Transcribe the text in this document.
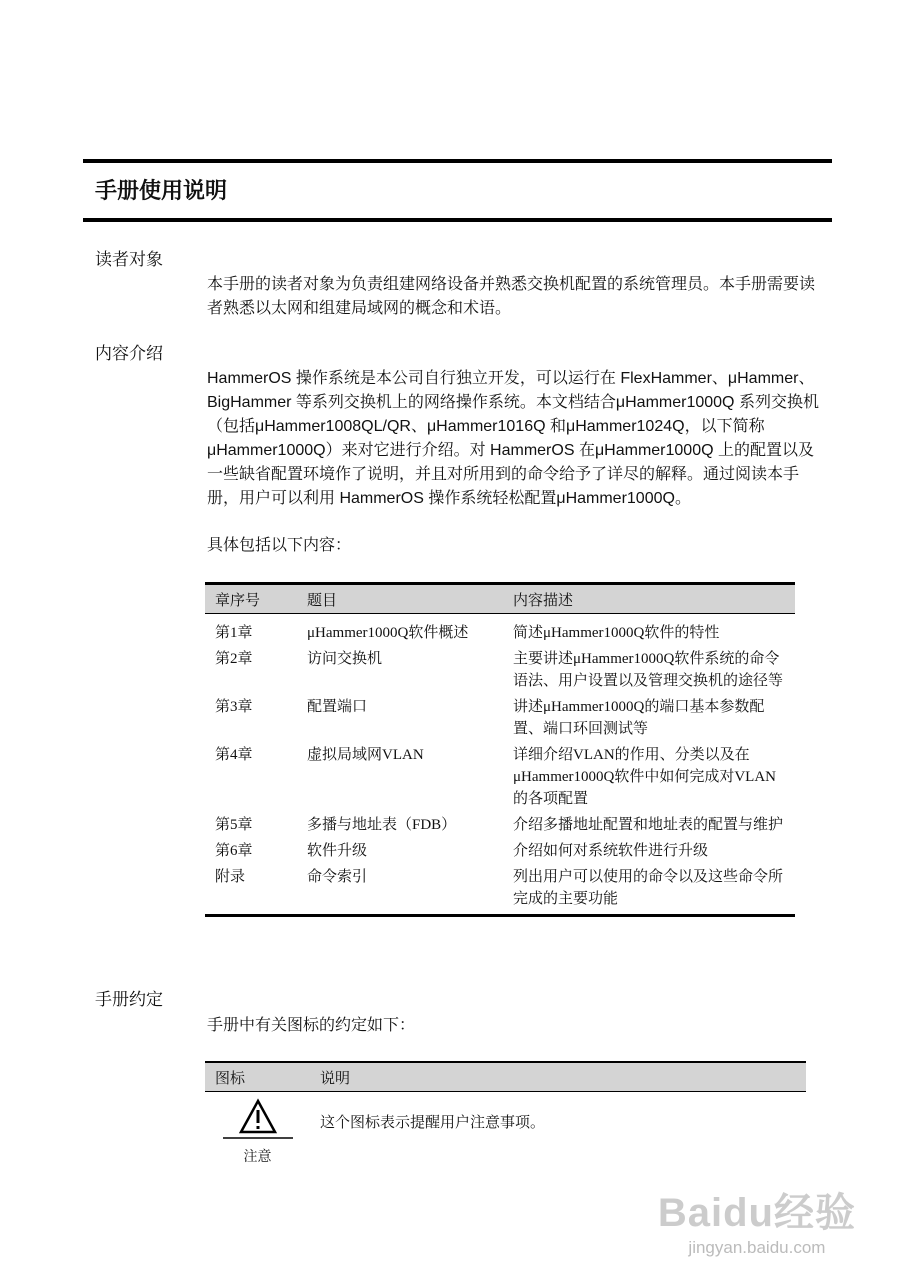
手册使用说明
读者对象
本手册的读者对象为负责组建网络设备并熟悉交换机配置的系统管理员。本手册需要读者熟悉以太网和组建局域网的概念和术语。
内容介绍
HammerOS 操作系统是本公司自行独立开发，可以运行在 FlexHammer、μHammer、BigHammer 等系列交换机上的网络操作系统。本文档结合μHammer1000Q 系列交换机（包括μHammer1008QL/QR、μHammer1016Q 和μHammer1024Q，以下简称μHammer1000Q）来对它进行介绍。对 HammerOS 在μHammer1000Q 上的配置以及一些缺省配置环境作了说明，并且对所用到的命令给予了详尽的解释。通过阅读本手册，用户可以利用 HammerOS 操作系统轻松配置μHammer1000Q。
具体包括以下内容：
章序号	题目	内容描述
第1章	μHammer1000Q软件概述	简述μHammer1000Q软件的特性
第2章	访问交换机	主要讲述μHammer1000Q软件系统的命令语法、用户设置以及管理交换机的途径等
第3章	配置端口	讲述μHammer1000Q的端口基本参数配置、端口环回测试等
第4章	虚拟局域网VLAN	详细介绍VLAN的作用、分类以及在μHammer1000Q软件中如何完成对VLAN的各项配置
第5章	多播与地址表（FDB）	介绍多播地址配置和地址表的配置与维护
第6章	软件升级	介绍如何对系统软件进行升级
附录	命令索引	列出用户可以使用的命令以及这些命令所完成的主要功能
手册约定
手册中有关图标的约定如下：
图标	说明

注意	这个图标表示提醒用户注意事项。
Baidu经验
jingyan.baidu.com
